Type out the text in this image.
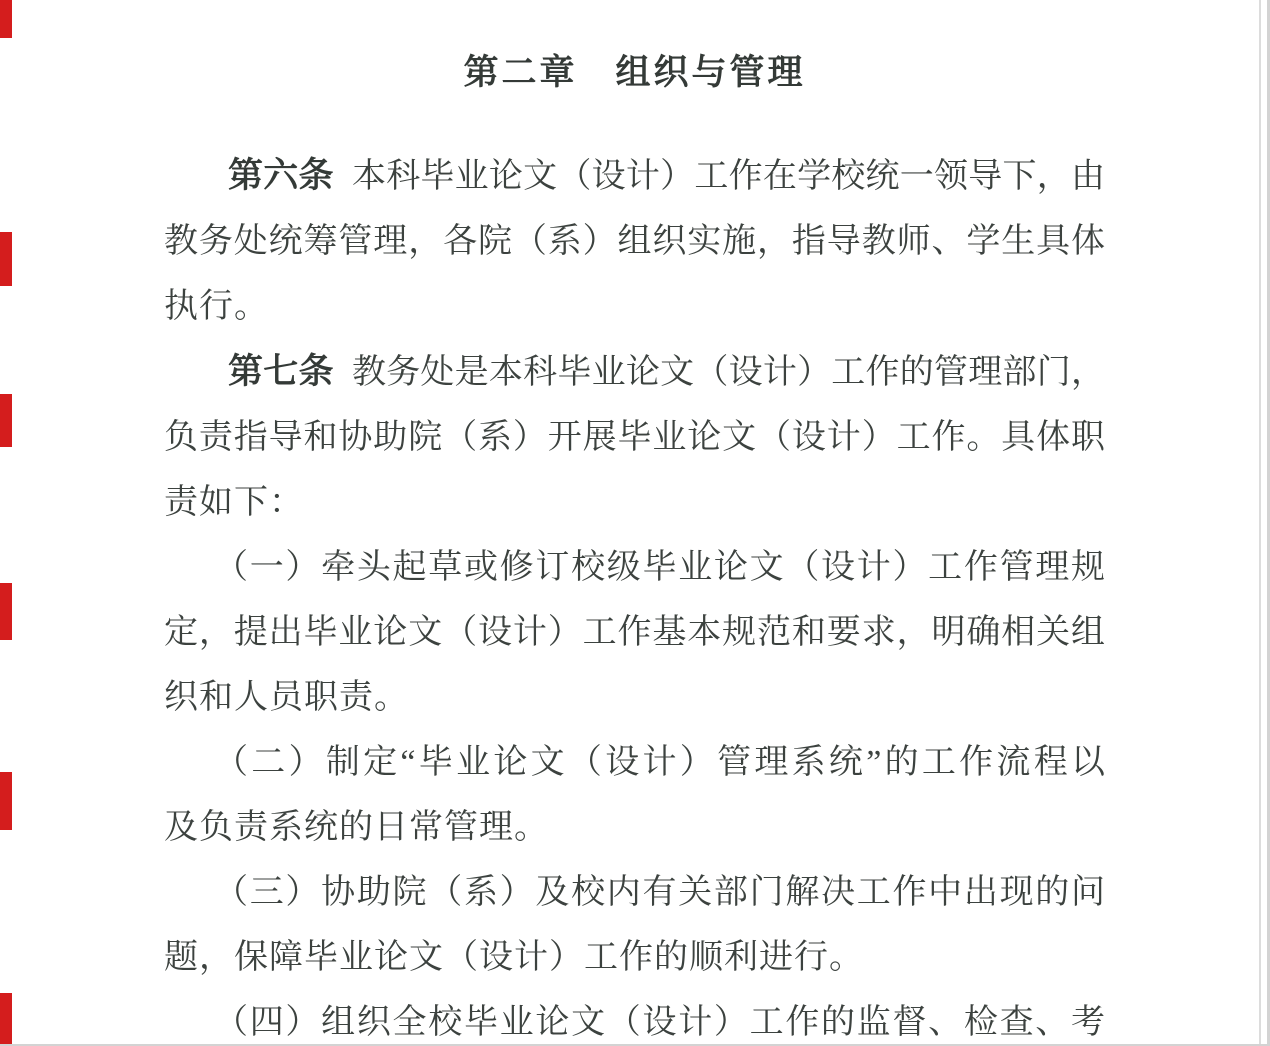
第二章　组织与管理

第六条 本科毕业论文（设计）工作在学校统一领导下，由

教务处统筹管理，各院（系）组织实施，指导教师、学生具体

执行。

第七条 教务处是本科毕业论文（设计）工作的管理部门，

负责指导和协助院（系）开展毕业论文（设计）工作。具体职

责如下：

（一）牵头起草或修订校级毕业论文（设计）工作管理规

定，提出毕业论文（设计）工作基本规范和要求，明确相关组

织和人员职责。

（二）制定“毕业论文（设计）管理系统”的工作流程以

及负责系统的日常管理。

（三）协助院（系）及校内有关部门解决工作中出现的问

题，保障毕业论文（设计）工作的顺利进行。

（四）组织全校毕业论文（设计）工作的监督、检查、考
